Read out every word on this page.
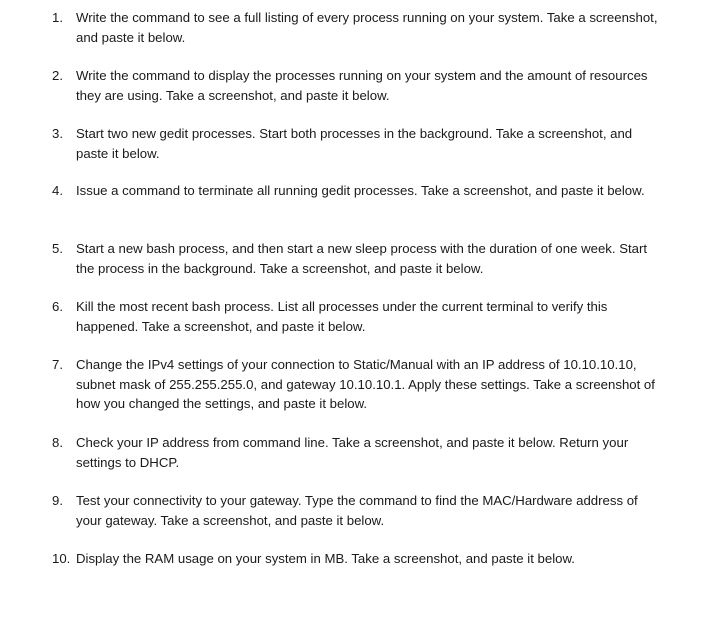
1. Write the command to see a full listing of every process running on your system. Take a screenshot, and paste it below.
2. Write the command to display the processes running on your system and the amount of resources they are using. Take a screenshot, and paste it below.
3. Start two new gedit processes. Start both processes in the background. Take a screenshot, and paste it below.
4. Issue a command to terminate all running gedit processes. Take a screenshot, and paste it below.
5. Start a new bash process, and then start a new sleep process with the duration of one week. Start the process in the background. Take a screenshot, and paste it below.
6. Kill the most recent bash process. List all processes under the current terminal to verify this happened. Take a screenshot, and paste it below.
7. Change the IPv4 settings of your connection to Static/Manual with an IP address of 10.10.10.10, subnet mask of 255.255.255.0, and gateway 10.10.10.1. Apply these settings. Take a screenshot of how you changed the settings, and paste it below.
8. Check your IP address from command line. Take a screenshot, and paste it below. Return your settings to DHCP.
9. Test your connectivity to your gateway. Type the command to find the MAC/Hardware address of your gateway. Take a screenshot, and paste it below.
10. Display the RAM usage on your system in MB. Take a screenshot, and paste it below.
